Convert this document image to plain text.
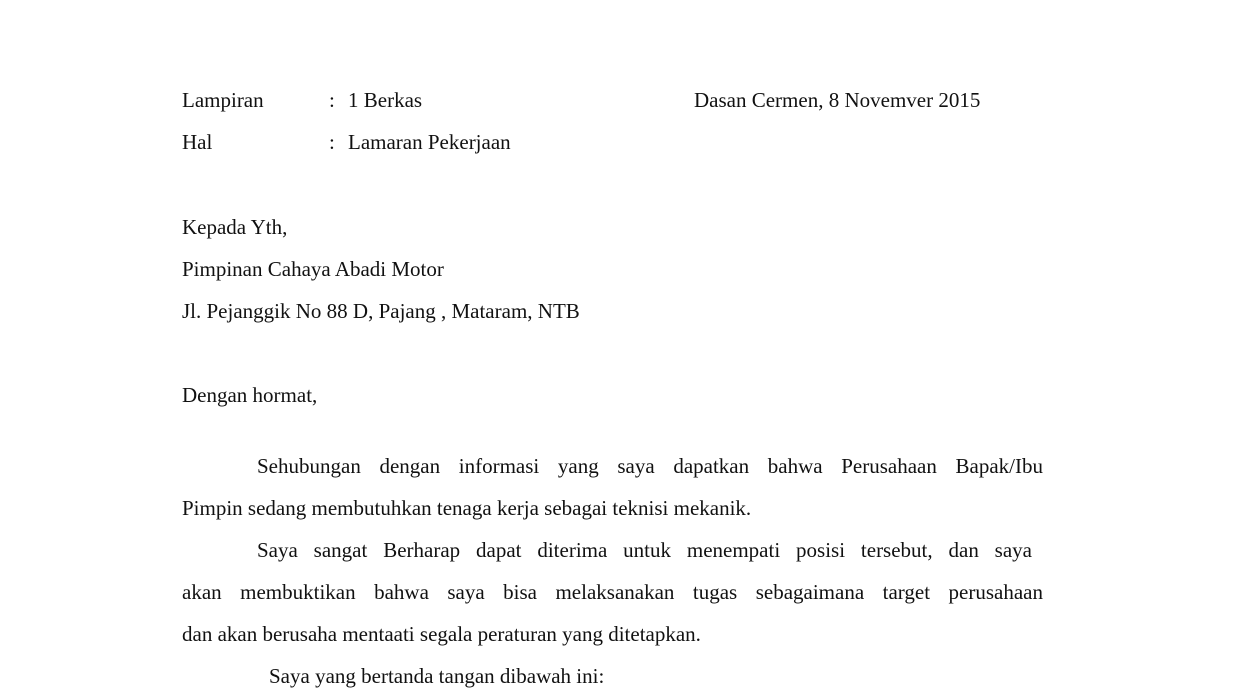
Lampiran	: 1 Berkas	Dasan Cermen, 8 Novemver 2015
Hal	: Lamaran Pekerjaan
Kepada Yth,
Pimpinan Cahaya Abadi Motor
Jl. Pejanggik No 88 D, Pajang , Mataram, NTB
Dengan hormat,
Sehubungan dengan informasi yang saya dapatkan bahwa Perusahaan Bapak/Ibu
Pimpin sedang membutuhkan tenaga kerja sebagai teknisi mekanik.
Saya sangat Berharap dapat diterima untuk menempati posisi tersebut, dan saya
akan membuktikan bahwa saya bisa melaksanakan tugas sebagaimana target perusahaan
dan akan berusaha mentaati segala peraturan yang ditetapkan.
Saya yang bertanda tangan dibawah ini:
